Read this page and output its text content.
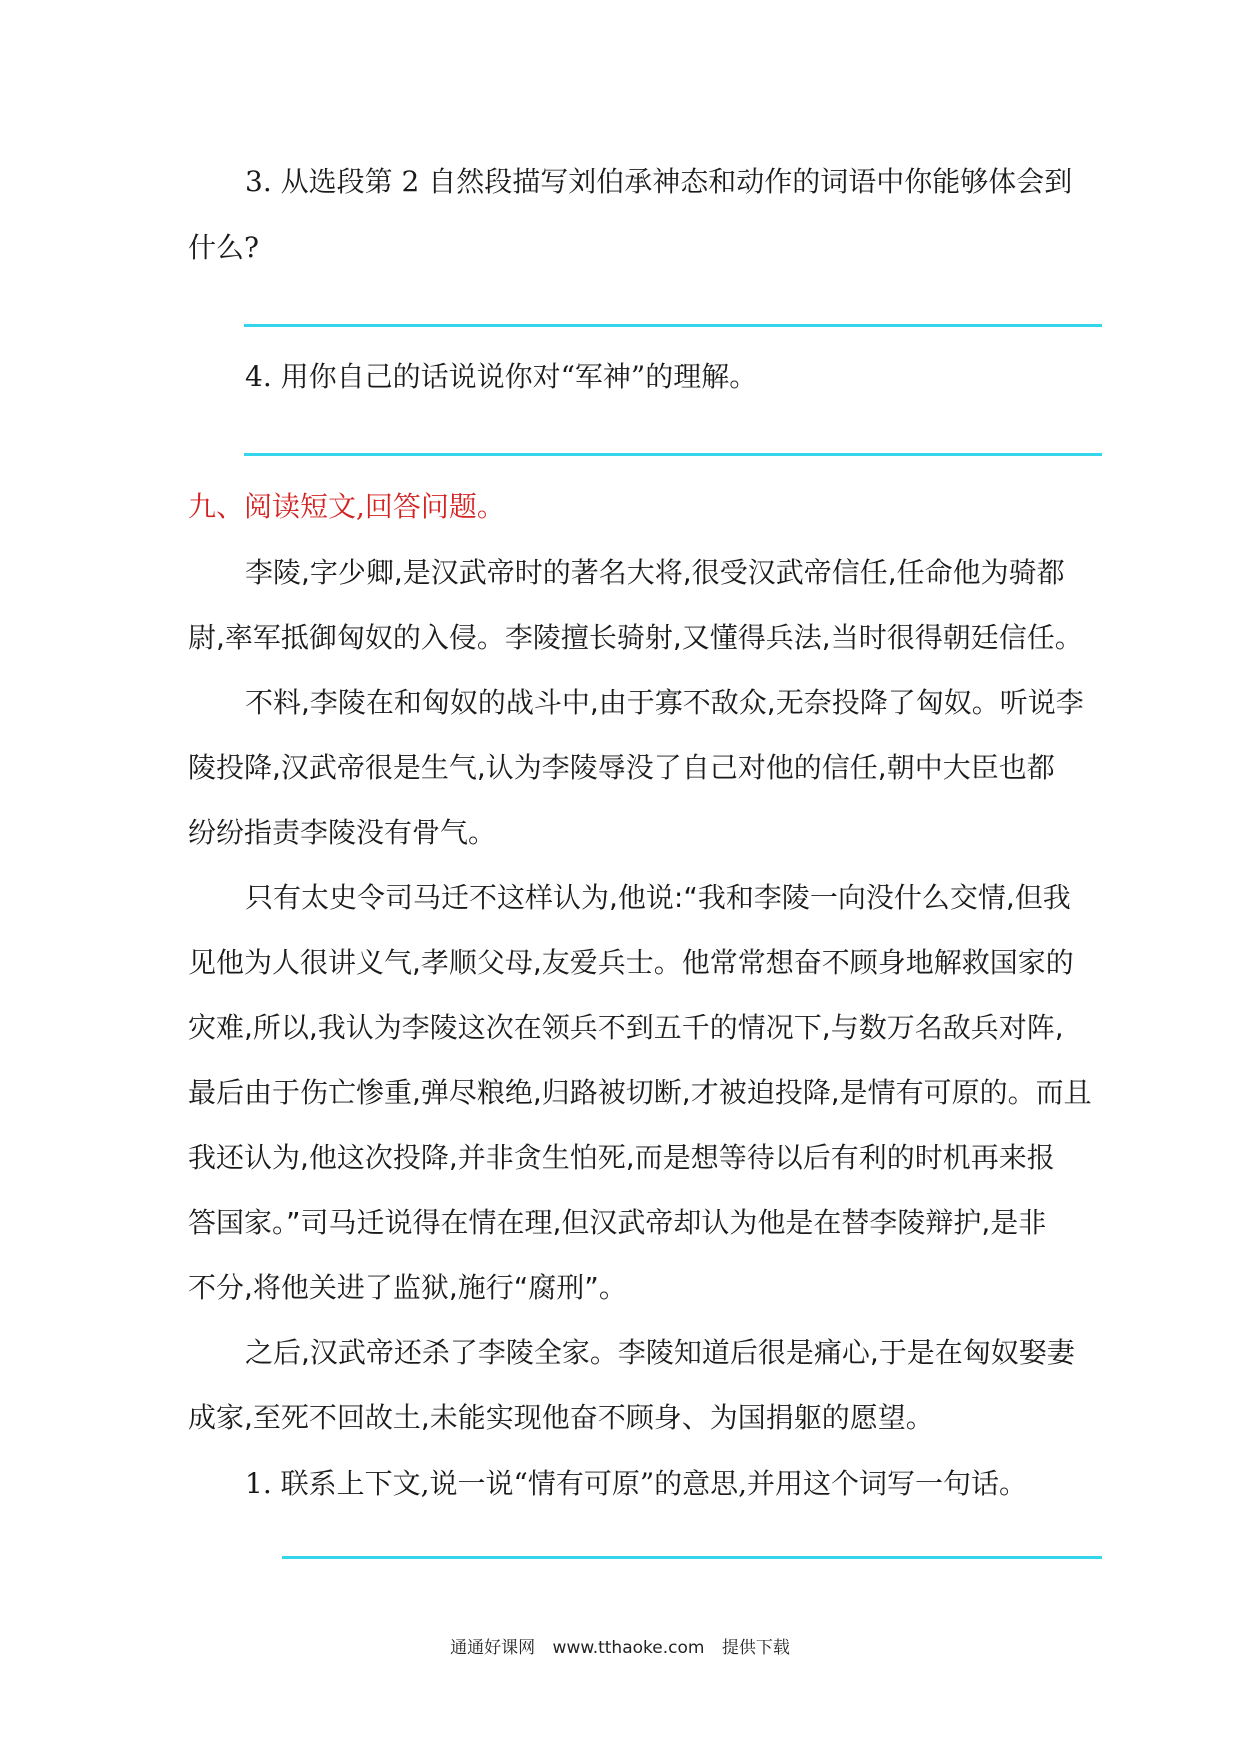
3. 从选段第 2 自然段描写刘伯承神态和动作的词语中你能够体会到
什么?
4. 用你自己的话说说你对“军神”的理解。
九、阅读短文,回答问题。
李陵,字少卿,是汉武帝时的著名大将,很受汉武帝信任,任命他为骑都
尉,率军抵御匈奴的入侵。李陵擅长骑射,又懂得兵法,当时很得朝廷信任。
不料,李陵在和匈奴的战斗中,由于寡不敌众,无奈投降了匈奴。听说李
陵投降,汉武帝很是生气,认为李陵辱没了自己对他的信任,朝中大臣也都
纷纷指责李陵没有骨气。
只有太史令司马迁不这样认为,他说:“我和李陵一向没什么交情,但我
见他为人很讲义气,孝顺父母,友爱兵士。他常常想奋不顾身地解救国家的
灾难,所以,我认为李陵这次在领兵不到五千的情况下,与数万名敌兵对阵,
最后由于伤亡惨重,弹尽粮绝,归路被切断,才被迫投降,是情有可原的。而且
我还认为,他这次投降,并非贪生怕死,而是想等待以后有利的时机再来报
答国家。”司马迁说得在情在理,但汉武帝却认为他是在替李陵辩护,是非
不分,将他关进了监狱,施行“腐刑”。
之后,汉武帝还杀了李陵全家。李陵知道后很是痛心,于是在匈奴娶妻
成家,至死不回故土,未能实现他奋不顾身、为国捐躯的愿望。
1. 联系上下文,说一说“情有可原”的意思,并用这个词写一句话。
通通好课网 www.tthaoke.com 提供下载
